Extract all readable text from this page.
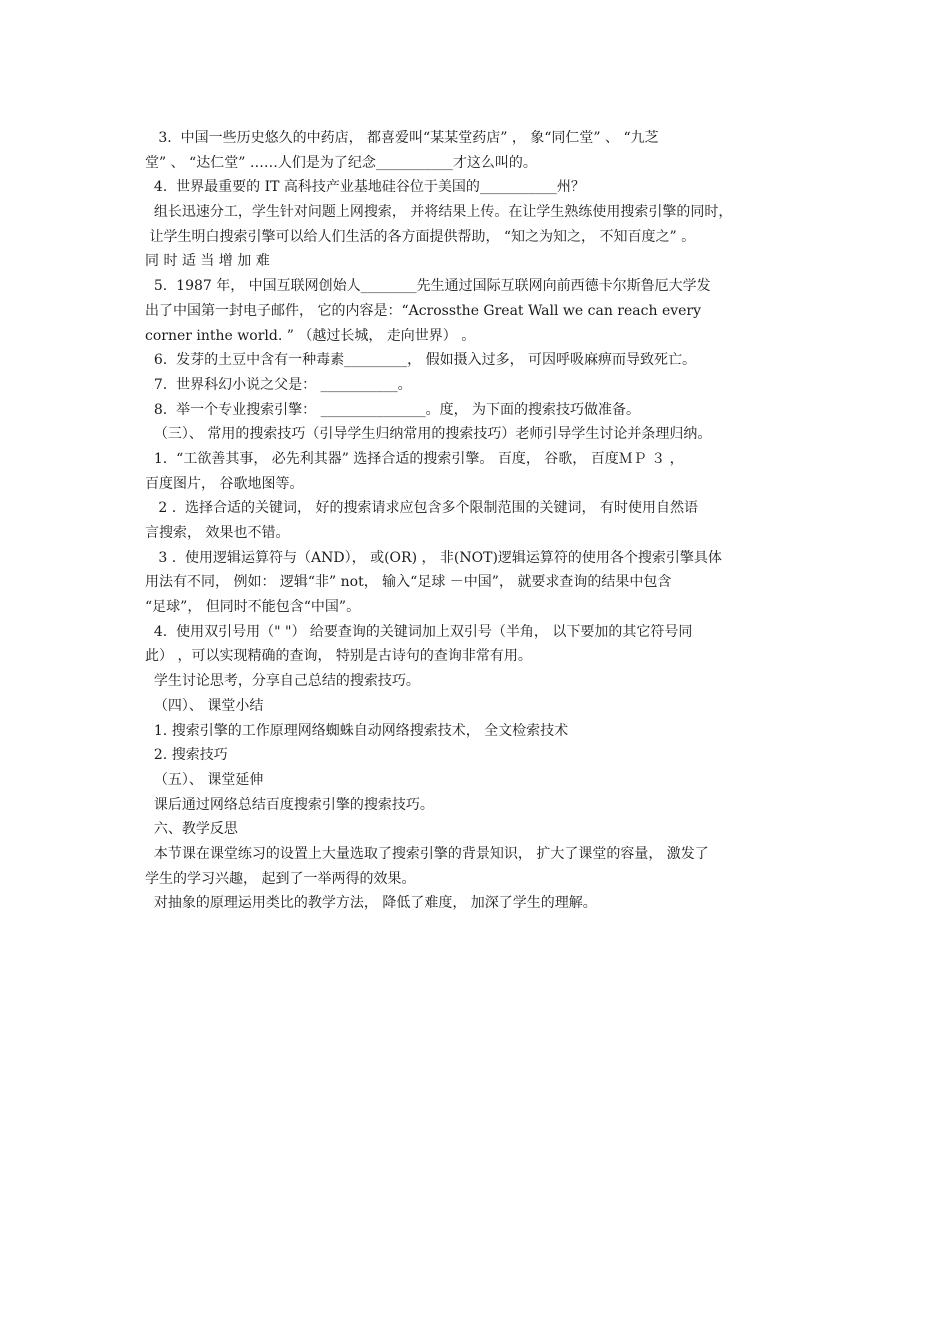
3.  中国一些历史悠久的中药店， 都喜爱叫“某某堂药店” ， 象“同仁堂” 、 “九芝
堂” 、 “达仁堂” ……人们是为了纪念___________才这么叫的。
4.  世界最重要的 IT 高科技产业基地硅谷位于美国的___________州？
组长迅速分工，学生针对问题上网搜索， 并将结果上传。在让学生熟练使用搜索引擎的同时，
让学生明白搜索引擎可以给人们生活的各方面提供帮助， “知之为知之， 不知百度之” 。
同 时 适 当 增 加 难
5.  1987 年， 中国互联网创始人________先生通过国际互联网向前西德卡尔斯鲁厄大学发
出了中国第一封电子邮件， 它的内容是：“Acrossthe Great Wall we can reach every
corner inthe world. ” （越过长城， 走向世界） 。
6.  发芽的土豆中含有一种毒素_________， 假如摄入过多， 可因呼吸麻痹而导致死亡。
7.  世界科幻小说之父是： ___________。
8.  举一个专业搜索引擎： _______________。度， 为下面的搜索技巧做准备。
（三）、 常用的搜索技巧（引导学生归纳常用的搜索技巧）老师引导学生讨论并条理归纳。
1.  “工欲善其事， 必先利其器” 选择合适的搜索引擎。 百度， 谷歌， 百度ＭＰ ３ ，
百度图片， 谷歌地图等。
2 .  选择合适的关键词， 好的搜索请求应包含多个限制范围的关键词， 有时使用自然语
言搜索， 效果也不错。
3 .  使用逻辑运算符与（AND）， 或(OR) ， 非(NOT)逻辑运算符的使用各个搜索引擎具体
用法有不同， 例如： 逻辑“非” not， 输入“足球 －中国”， 就要求查询的结果中包含
“足球”， 但同时不能包含“中国”。
4.  使用双引号用（" "） 给要查询的关键词加上双引号（半角， 以下要加的其它符号同
此） ，可以实现精确的查询， 特别是古诗句的查询非常有用。
学生讨论思考，分享自己总结的搜索技巧。
（四）、 课堂小结
1. 搜索引擎的工作原理网络蜘蛛自动网络搜索技术， 全文检索技术
2. 搜索技巧
（五）、 课堂延伸
课后通过网络总结百度搜索引擎的搜索技巧。
六、教学反思
本节课在课堂练习的设置上大量选取了搜索引擎的背景知识， 扩大了课堂的容量， 激发了
学生的学习兴趣， 起到了一举两得的效果。
对抽象的原理运用类比的教学方法， 降低了难度， 加深了学生的理解。
